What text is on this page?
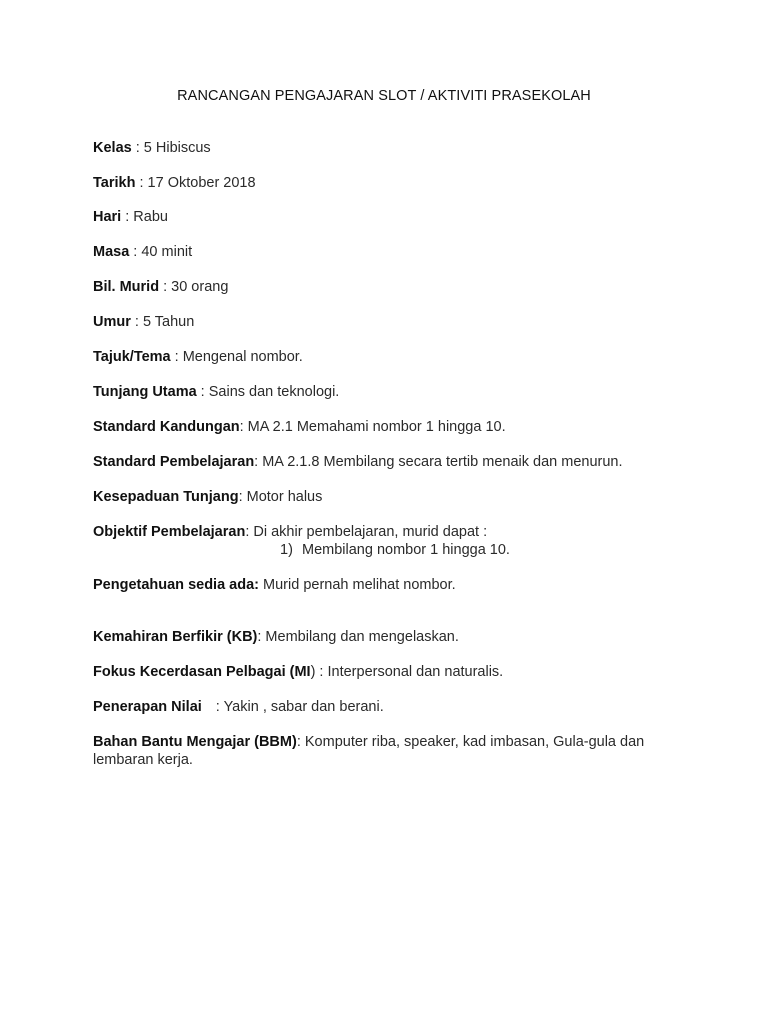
RANCANGAN PENGAJARAN SLOT / AKTIVITI PRASEKOLAH
Kelas : 5 Hibiscus
Tarikh : 17 Oktober 2018
Hari : Rabu
Masa : 40 minit
Bil. Murid : 30 orang
Umur : 5 Tahun
Tajuk/Tema : Mengenal nombor.
Tunjang Utama : Sains dan teknologi.
Standard Kandungan: MA 2.1 Memahami nombor 1 hingga 10.
Standard Pembelajaran: MA 2.1.8 Membilang secara tertib menaik dan menurun.
Kesepaduan Tunjang: Motor halus
Objektif Pembelajaran: Di akhir pembelajaran, murid dapat :
1) Membilang nombor 1 hingga 10.
Pengetahuan sedia ada: Murid pernah melihat nombor.
Kemahiran Berfikir (KB): Membilang dan mengelaskan.
Fokus Kecerdasan Pelbagai (MI) : Interpersonal dan naturalis.
Penerapan Nilai : Yakin , sabar dan berani.
Bahan Bantu Mengajar (BBM): Komputer riba, speaker, kad imbasan, Gula-gula dan lembaran kerja.
